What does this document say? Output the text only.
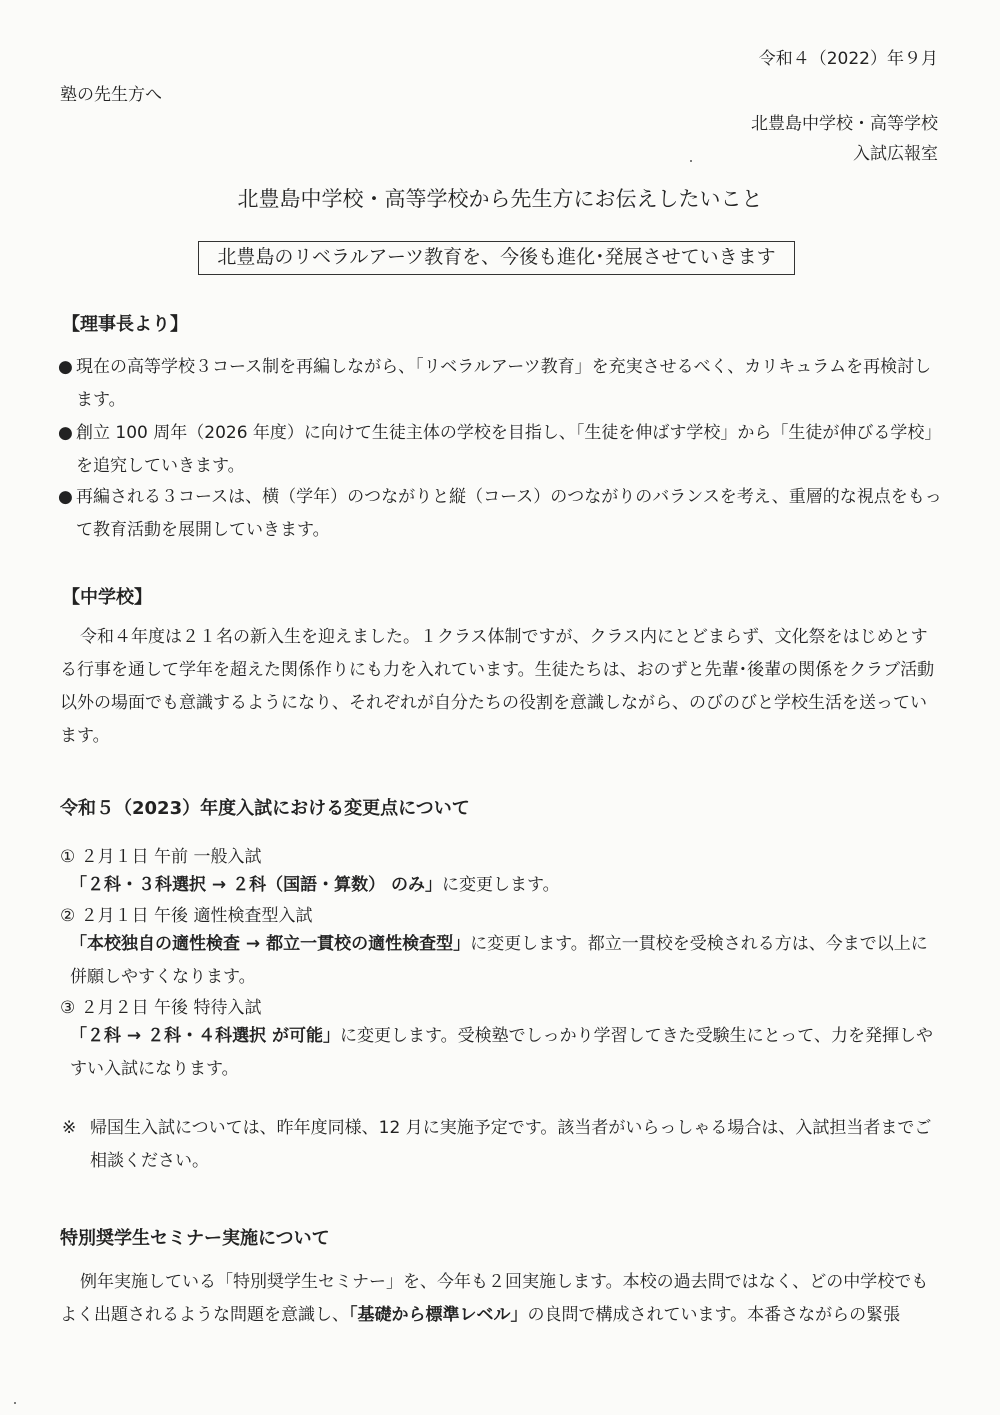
令和４（2022）年９月
塾の先生方へ
北豊島中学校・高等学校
入試広報室
北豊島中学校・高等学校から先生方にお伝えしたいこと
北豊島のリベラルアーツ教育を、今後も進化･発展させていきます
【理事長より】
● 現在の高等学校３コース制を再編しながら、「リベラルアーツ教育」を充実させるべく、カリキュラムを再検討します。
● 創立 100 周年（2026 年度）に向けて生徒主体の学校を目指し、「生徒を伸ばす学校」から「生徒が伸びる学校」を追究していきます。
● 再編される３コースは、横（学年）のつながりと縦（コース）のつながりのバランスを考え、重層的な視点をもって教育活動を展開していきます。
【中学校】
令和４年度は２１名の新入生を迎えました。１クラス体制ですが、クラス内にとどまらず、文化祭をはじめとする行事を通して学年を超えた関係作りにも力を入れています。生徒たちは、おのずと先輩･後輩の関係をクラブ活動以外の場面でも意識するようになり、それぞれが自分たちの役割を意識しながら、のびのびと学校生活を送っています。
令和５（2023）年度入試における変更点について
① ２月１日 午前 一般入試
「２科・３科選択 → ２科（国語・算数） のみ」に変更します。
② ２月１日 午後 適性検査型入試
「本校独自の適性検査 → 都立一貫校の適性検査型」に変更します。都立一貫校を受検される方は、今まで以上に併願しやすくなります。
③ ２月２日 午後 特待入試
「２科 → ２科・４科選択 が可能」に変更します。受検塾でしっかり学習してきた受験生にとって、力を発揮しやすい入試になります。
※ 帰国生入試については、昨年度同様、12 月に実施予定です。該当者がいらっしゃる場合は、入試担当者までご相談ください。
特別奨学生セミナー実施について
例年実施している「特別奨学生セミナー」を、今年も２回実施します。本校の過去問ではなく、どの中学校でもよく出題されるような問題を意識し、「基礎から標準レベル」の良問で構成されています。本番さながらの緊張
